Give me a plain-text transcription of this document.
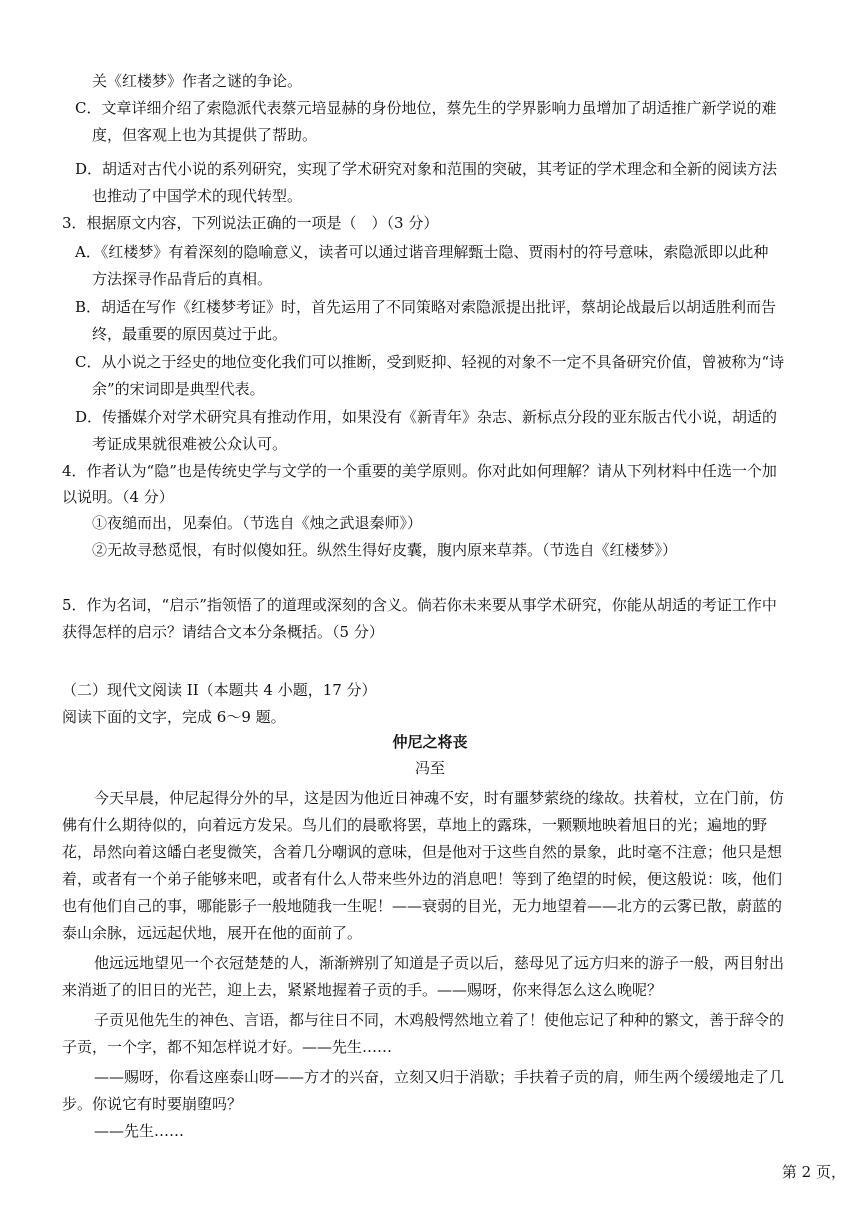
关《红楼梦》作者之谜的争论。

C．文章详细介绍了索隐派代表蔡元培显赫的身份地位，蔡先生的学界影响力虽增加了胡适推广新学说的难

度，但客观上也为其提供了帮助。

D．胡适对古代小说的系列研究，实现了学术研究对象和范围的突破，其考证的学术理念和全新的阅读方法

也推动了中国学术的现代转型。

3．根据原文内容，下列说法正确的一项是（　）（3 分）

A．《红楼梦》有着深刻的隐喻意义，读者可以通过谐音理解甄士隐、贾雨村的符号意味，索隐派即以此种

方法探寻作品背后的真相。

B．胡适在写作《红楼梦考证》时，首先运用了不同策略对索隐派提出批评，蔡胡论战最后以胡适胜利而告

终，最重要的原因莫过于此。

C．从小说之于经史的地位变化我们可以推断，受到贬抑、轻视的对象不一定不具备研究价值，曾被称为“诗

余”的宋词即是典型代表。

D．传播媒介对学术研究具有推动作用，如果没有《新青年》杂志、新标点分段的亚东版古代小说，胡适的

考证成果就很难被公众认可。

4．作者认为“隐”也是传统史学与文学的一个重要的美学原则。你对此如何理解？请从下列材料中任选一个加

以说明。（4 分）

①夜缒而出，见秦伯。（节选自《烛之武退秦师》）

②无故寻愁觅恨，有时似傻如狂。纵然生得好皮囊，腹内原来草莽。（节选自《红楼梦》）

5．作为名词，“启示”指领悟了的道理或深刻的含义。倘若你未来要从事学术研究，你能从胡适的考证工作中

获得怎样的启示？请结合文本分条概括。（5 分）

（二）现代文阅读 II（本题共 4 小题，17 分）

阅读下面的文字，完成 6～9 题。

仲尼之将丧

冯至

今天早晨，仲尼起得分外的早，这是因为他近日神魂不安，时有噩梦萦绕的缘故。扶着杖，立在门前，仿

佛有什么期待似的，向着远方发呆。鸟儿们的晨歌将罢，草地上的露珠，一颗颗地映着旭日的光；遍地的野

花，昂然向着这皤白老叟微笑，含着几分嘲讽的意味，但是他对于这些自然的景象，此时毫不注意；他只是想

着，或者有一个弟子能够来吧，或者有什么人带来些外边的消息吧！等到了绝望的时候，便这般说：咳，他们

也有他们自己的事，哪能影子一般地随我一生呢！——衰弱的目光，无力地望着——北方的云雾已散，蔚蓝的

泰山余脉，远远起伏地，展开在他的面前了。

他远远地望见一个衣冠楚楚的人，渐渐辨别了知道是子贡以后，慈母见了远方归来的游子一般，两目射出

来消逝了的旧日的光芒，迎上去，紧紧地握着子贡的手。——赐呀，你来得怎么这么晚呢？

子贡见他先生的神色、言语，都与往日不同，木鸡般愕然地立着了！使他忘记了种种的繁文，善于辞令的

子贡，一个字，都不知怎样说才好。——先生……

——赐呀，你看这座泰山呀——方才的兴奋，立刻又归于消歇；手扶着子贡的肩，师生两个缓缓地走了几

步。你说它有时要崩堕吗？

——先生……

第 2 页，
